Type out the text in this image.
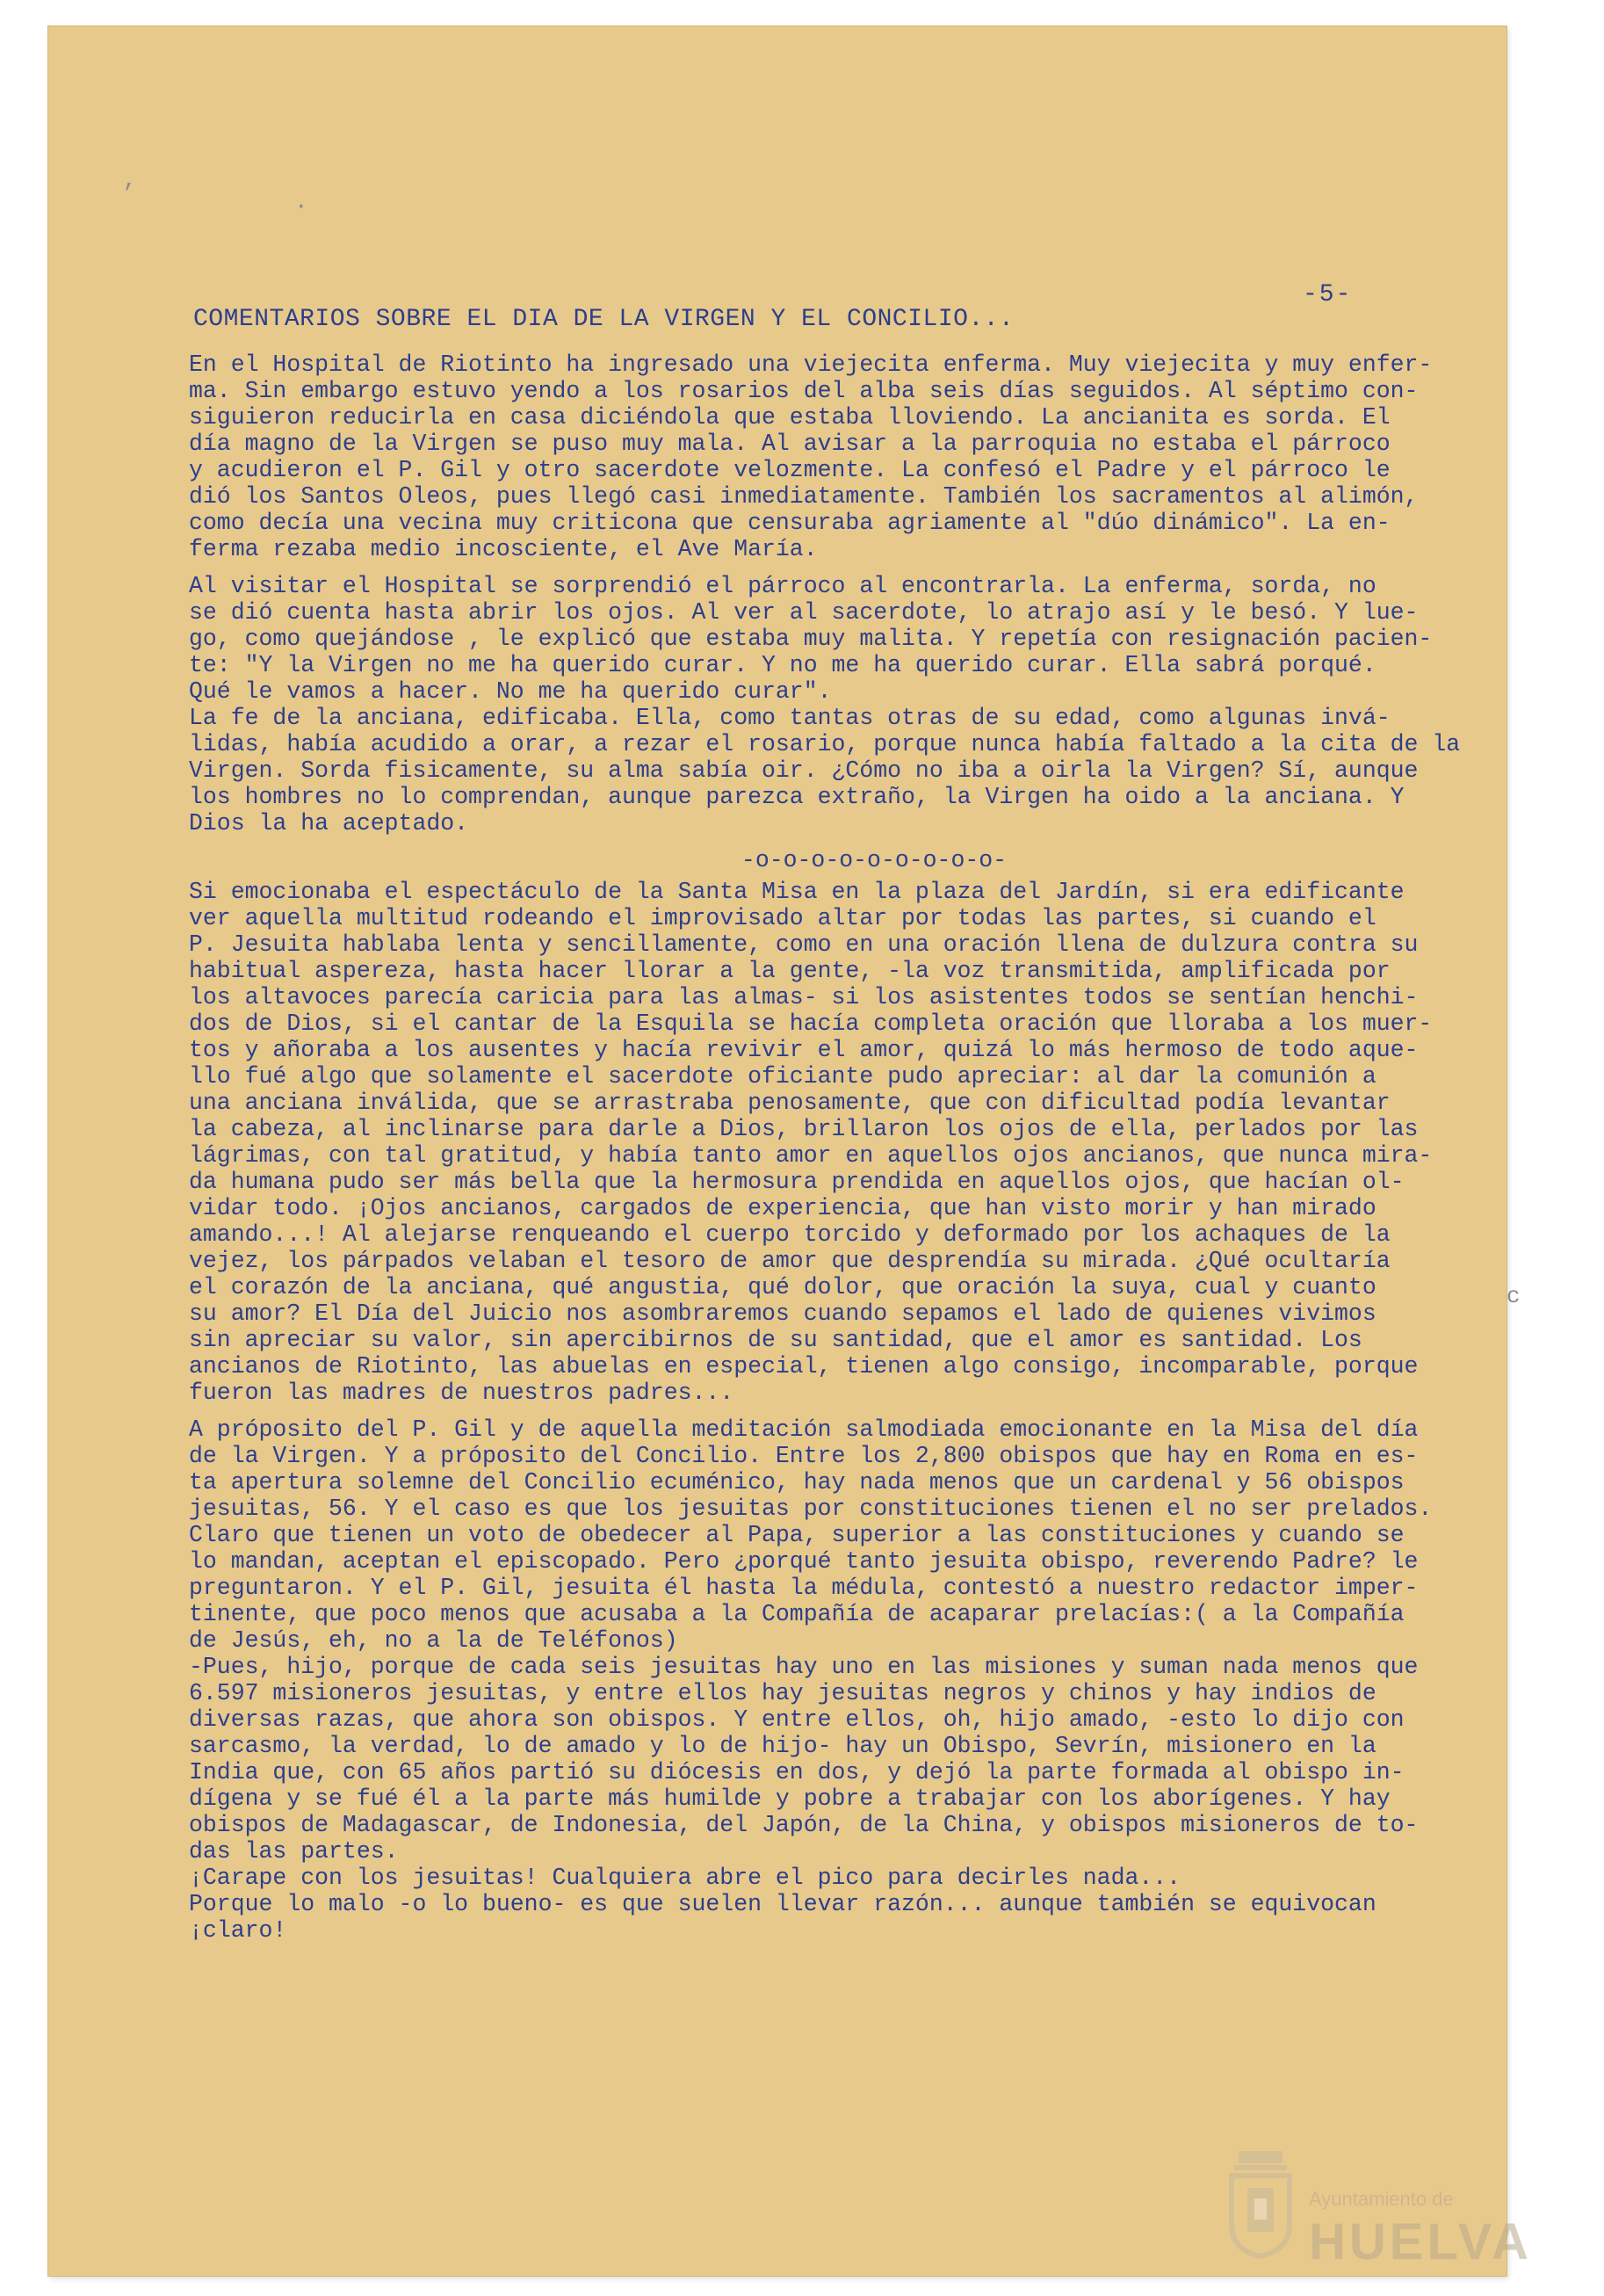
,
·
c
-5-
COMENTARIOS SOBRE EL DIA DE LA VIRGEN Y EL CONCILIO...
En el Hospital de Riotinto ha ingresado una viejecita enferma. Muy viejecita y muy enfer-
ma. Sin embargo estuvo yendo a los rosarios del alba seis días seguidos. Al séptimo con-
siguieron reducirla en casa diciéndola que estaba lloviendo. La ancianita es sorda. El
día magno de la Virgen se puso muy mala. Al avisar a la parroquia no estaba el párroco
y acudieron el P. Gil y otro sacerdote velozmente. La confesó el Padre y el párroco le
dió los Santos Oleos, pues llegó casi inmediatamente. También los sacramentos al alimón,
como decía una vecina muy criticona que censuraba agriamente al "dúo dinámico". La en-
ferma rezaba medio incosciente, el Ave María.
Al visitar el Hospital se sorprendió el párroco al encontrarla. La enferma, sorda, no
se dió cuenta hasta abrir los ojos. Al ver al sacerdote, lo atrajo así y le besó. Y lue-
go, como quejándose , le explicó que estaba muy malita. Y repetía con resignación pacien-
te: "Y la Virgen no me ha querido curar. Y no me ha querido curar. Ella sabrá porqué.
Qué le vamos a hacer. No me ha querido curar".
La fe de la anciana, edificaba. Ella, como tantas otras de su edad, como algunas invá-
lidas, había acudido a orar, a rezar el rosario, porque nunca había faltado a la cita de la
Virgen. Sorda fisicamente, su alma sabía oir. ¿Cómo no iba a oirla la Virgen? Sí, aunque
los hombres no lo comprendan, aunque parezca extraño, la Virgen ha oido a la anciana. Y
Dios la ha aceptado.
-o-o-o-o-o-o-o-o-o-
Si emocionaba el espectáculo de la Santa Misa en la plaza del Jardín, si era edificante
ver aquella multitud rodeando el improvisado altar por todas las partes, si cuando el
P. Jesuita hablaba lenta y sencillamente, como en una oración llena de dulzura contra su
habitual aspereza, hasta hacer llorar a la gente, -la voz transmitida, amplificada por
los altavoces parecía caricia para las almas- si los asistentes todos se sentían henchi-
dos de Dios, si el cantar de la Esquila se hacía completa oración que lloraba a los muer-
tos y añoraba a los ausentes y hacía revivir el amor, quizá lo más hermoso de todo aque-
llo fué algo que solamente el sacerdote oficiante pudo apreciar: al dar la comunión a
una anciana inválida, que se arrastraba penosamente, que con dificultad podía levantar
la cabeza, al inclinarse para darle a Dios, brillaron los ojos de ella, perlados por las
lágrimas, con tal gratitud, y había tanto amor en aquellos ojos ancianos, que nunca mira-
da humana pudo ser más bella que la hermosura prendida en aquellos ojos, que hacían ol-
vidar todo. ¡Ojos ancianos, cargados de experiencia, que han visto morir y han mirado
amando...! Al alejarse renqueando el cuerpo torcido y deformado por los achaques de la
vejez, los párpados velaban el tesoro de amor que desprendía su mirada. ¿Qué ocultaría
el corazón de la anciana, qué angustia, qué dolor, que oración la suya, cual y cuanto
su amor? El Día del Juicio nos asombraremos cuando sepamos el lado de quienes vivimos
sin apreciar su valor, sin apercibirnos de su santidad, que el amor es santidad. Los
ancianos de Riotinto, las abuelas en especial, tienen algo consigo, incomparable, porque
fueron las madres de nuestros padres...
A próposito del P. Gil y de aquella meditación salmodiada emocionante en la Misa del día
de la Virgen. Y a próposito del Concilio. Entre los 2,800 obispos que hay en Roma en es-
ta apertura solemne del Concilio ecuménico, hay nada menos que un cardenal y 56 obispos
jesuitas, 56. Y el caso es que los jesuitas por constituciones tienen el no ser prelados.
Claro que tienen un voto de obedecer al Papa, superior a las constituciones y cuando se
lo mandan, aceptan el episcopado. Pero ¿porqué tanto jesuita obispo, reverendo Padre? le
preguntaron. Y el P. Gil, jesuita él hasta la médula, contestó a nuestro redactor imper-
tinente, que poco menos que acusaba a la Compañía de acaparar prelacías:( a la Compañía
de Jesús, eh, no a la de Teléfonos)
-Pues, hijo, porque de cada seis jesuitas hay uno en las misiones y suman nada menos que
6.597 misioneros jesuitas, y entre ellos hay jesuitas negros y chinos y hay indios de
diversas razas, que ahora son obispos. Y entre ellos, oh, hijo amado, -esto lo dijo con
sarcasmo, la verdad, lo de amado y lo de hijo- hay un Obispo, Sevrín, misionero en la
India que, con 65 años partió su diócesis en dos, y dejó la parte formada al obispo in-
dígena y se fué él a la parte más humilde y pobre a trabajar con los aborígenes. Y hay
obispos de Madagascar, de Indonesia, del Japón, de la China, y obispos misioneros de to-
das las partes.
¡Carape con los jesuitas! Cualquiera abre el pico para decirles nada...
Porque lo malo -o lo bueno- es que suelen llevar razón... aunque también se equivocan
¡claro!
Ayuntamiento de
HUELVA
